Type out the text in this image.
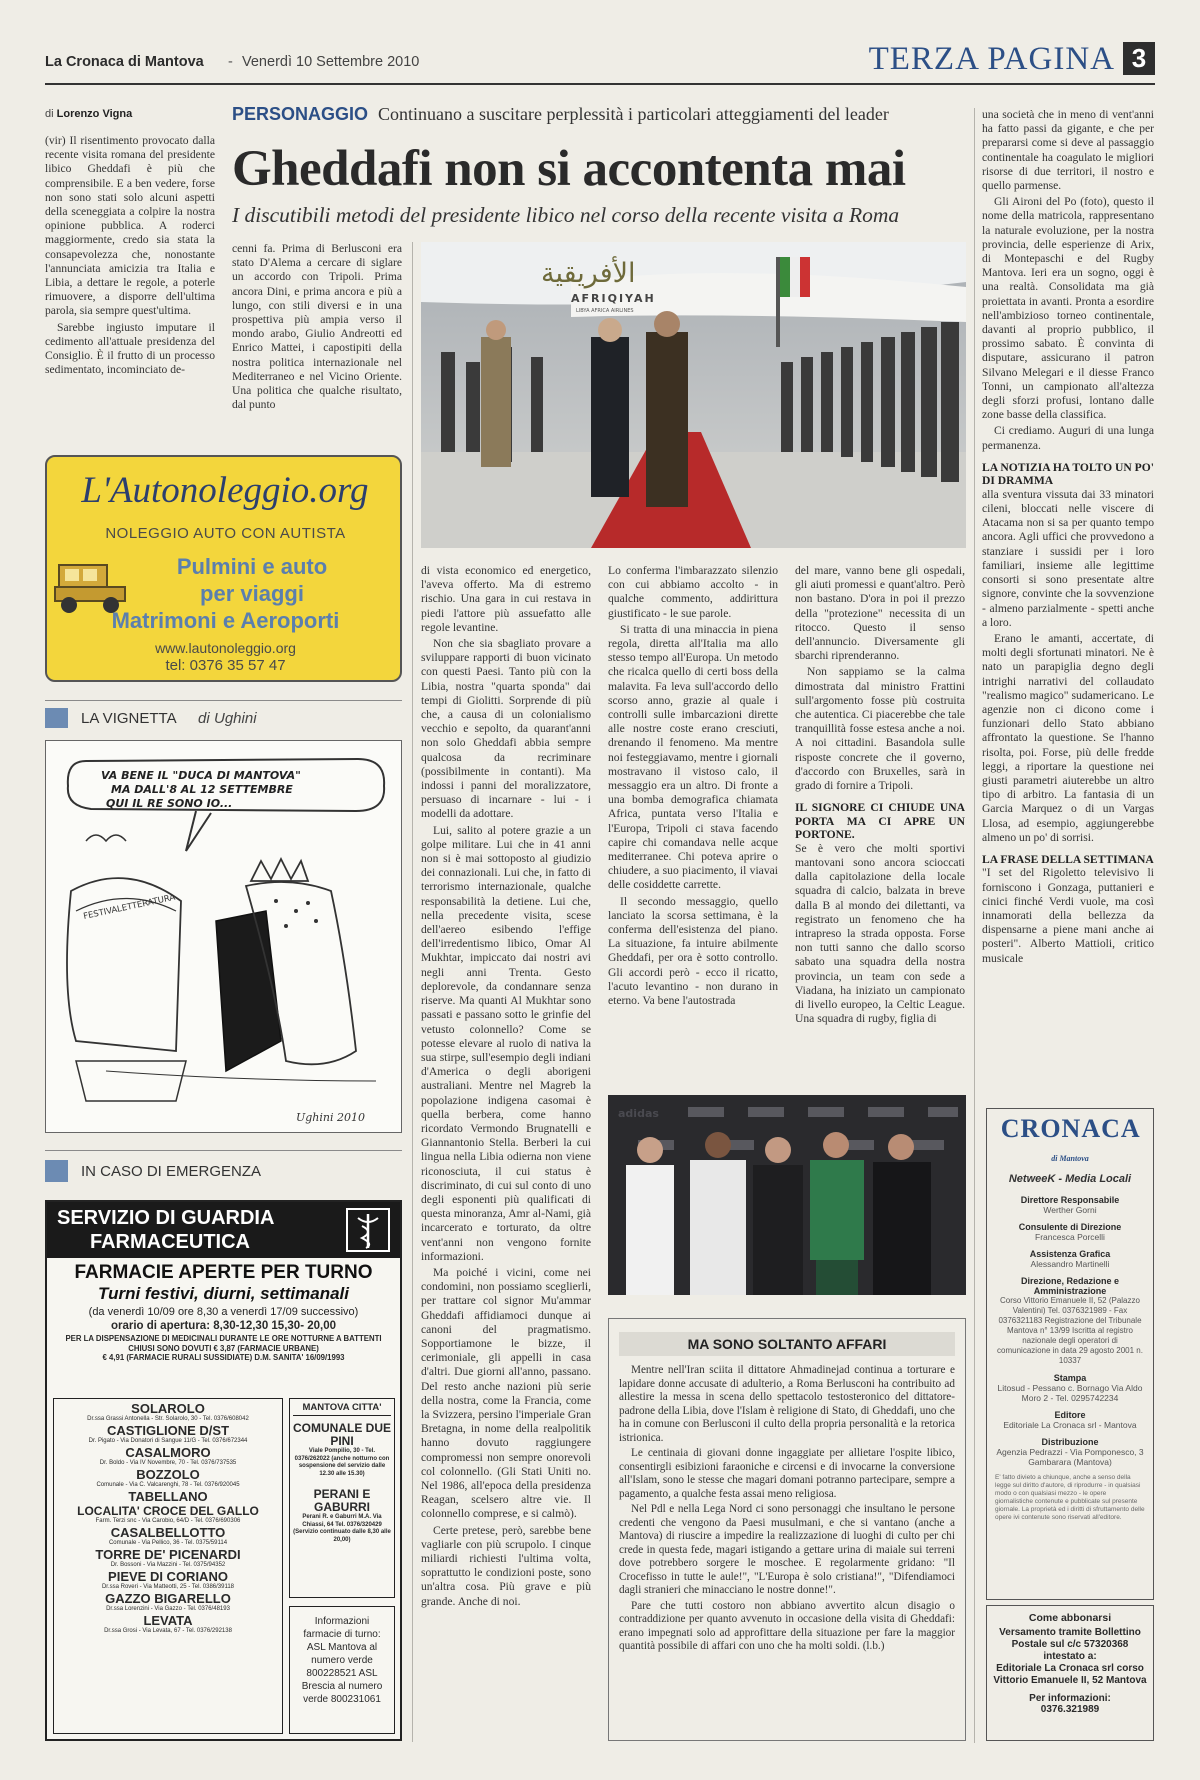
La Cronaca di Mantova - Venerdì 10 Settembre 2010	TERZA PAGINA 3
di Lorenzo Vigna	PERSONAGGIO Continuano a suscitare perplessità i particolari atteggiamenti del leader
Gheddafi non si accontenta mai
I discutibili metodi del presidente libico nel corso della recente visita a Roma

(vir) Il risentimento provocato dalla recente visita romana del presidente libico Gheddafi è più che comprensibile. E a ben vedere, forse non sono stati solo alcuni aspetti della sceneggiata a colpire la nostra opinione pubblica. A roderci maggiormente, credo sia stata la consapevolezza che, nonostante l'annunciata amicizia tra Italia e Libia, a dettare le regole, a poterle rimuovere, a disporre dell'ultima parola, sia sempre quest'ultima.

Sarebbe ingiusto imputare il cedimento all'attuale presidenza del Consiglio. È il frutto di un processo sedimentato, incominciato de-

cenni fa. Prima di Berlusconi era stato D'Alema a cercare di siglare un accordo con Tripoli. Prima ancora Dini, e prima ancora e più a lungo, con stili diversi e in una prospettiva più ampia verso il mondo arabo, Giulio Andreotti ed Enrico Mattei, i capostipiti della nostra politica internazionale nel Mediterraneo e nel Vicino Oriente. Una politica che qualche risultato, dal punto

الأفريقية
AFRIQIYAH
LIBYA AFRICA AIRLINES

di vista economico ed energetico, l'aveva offerto. Ma di estremo rischio. Una gara in cui restava in piedi l'attore più assuefatto alle regole levantine.

Non che sia sbagliato provare a sviluppare rapporti di buon vicinato con questi Paesi. Tanto più con la Libia, nostra "quarta sponda" dai tempi di Giolitti. Sorprende di più che, a causa di un colonialismo vecchio e sepolto, da quarant'anni non solo Gheddafi abbia sempre qualcosa da recriminare (possibilmente in contanti). Ma indossi i panni del moralizzatore, persuaso di incarnare - lui - i modelli da adottare.

Lui, salito al potere grazie a un golpe militare. Lui che in 41 anni non si è mai sottoposto al giudizio dei connazionali. Lui che, in fatto di terrorismo internazionale, qualche responsabilità la detiene. Lui che, nella precedente visita, scese dell'aereo esibendo l'effige dell'irredentismo libico, Omar Al Mukhtar, impiccato dai nostri avi negli anni Trenta. Gesto deplorevole, da condannare senza riserve. Ma quanti Al Mukhtar sono passati e passano sotto le grinfie del vetusto colonnello? Come se potesse elevare al ruolo di nativa la sua stirpe, sull'esempio degli indiani d'America o degli aborigeni australiani. Mentre nel Magreb la popolazione indigena casomai è quella berbera, come hanno ricordato Vermondo Brugnatelli e Giannantonio Stella. Berberi la cui lingua nella Libia odierna non viene riconosciuta, il cui status è discriminato, di cui sul conto di uno degli esponenti più qualificati di questa minoranza, Amr al-Nami, già incarcerato e torturato, da oltre vent'anni non vengono fornite informazioni.

Ma poiché i vicini, come nei condomini, non possiamo sceglierli, per trattare col signor Mu'ammar Gheddafi affidiamoci dunque ai canoni del pragmatismo. Sopportiamone le bizze, il cerimoniale, gli appelli in casa d'altri. Due giorni all'anno, passano. Del resto anche nazioni più serie della nostra, come la Francia, come la Svizzera, persino l'imperiale Gran Bretagna, in nome della realpolitik hanno dovuto raggiungere compromessi non sempre onorevoli col colonnello. (Gli Stati Uniti no. Nel 1986, all'epoca della presidenza Reagan, scelsero altre vie. Il colonnello comprese, e si calmò).

Certe pretese, però, sarebbe bene vagliarle con più scrupolo. I cinque miliardi richiesti l'ultima volta, soprattutto le condizioni poste, sono un'altra cosa. Più grave e più grande. Anche di noi.

Lo conferma l'imbarazzato silenzio con cui abbiamo accolto - in qualche commento, addirittura giustificato - le sue parole.

Si tratta di una minaccia in piena regola, diretta all'Italia ma allo stesso tempo all'Europa. Un metodo che ricalca quello di certi boss della malavita. Fa leva sull'accordo dello scorso anno, grazie al quale i controlli sulle imbarcazioni dirette alle nostre coste erano cresciuti, drenando il fenomeno. Ma mentre noi festeggiavamo, mentre i giornali mostravano il vistoso calo, il messaggio era un altro. Di fronte a una bomba demografica chiamata Africa, puntata verso l'Italia e l'Europa, Tripoli ci stava facendo capire chi comandava nelle acque mediterranee. Chi poteva aprire o chiudere, a suo piacimento, il viavai delle cosiddette carrette.

Il secondo messaggio, quello lanciato la scorsa settimana, è la conferma dell'esistenza del piano. La situazione, fa intuire abilmente Gheddafi, per ora è sotto controllo. Gli accordi però - ecco il ricatto, l'acuto levantino - non durano in eterno. Va bene l'autostrada

del mare, vanno bene gli ospedali, gli aiuti promessi e quant'altro. Però non bastano. D'ora in poi il prezzo della "protezione" necessita di un ritocco. Questo il senso dell'annuncio. Diversamente gli sbarchi riprenderanno.

Non sappiamo se la calma dimostrata dal ministro Frattini sull'argomento fosse più costruita che autentica. Ci piacerebbe che tale tranquillità fosse estesa anche a noi. A noi cittadini. Basandola sulle risposte concrete che il governo, d'accordo con Bruxelles, sarà in grado di fornire a Tripoli.

IL SIGNORE CI CHIUDE UNA PORTA MA CI APRE UN PORTONE.

Se è vero che molti sportivi mantovani sono ancora scioccati dalla capitolazione della locale squadra di calcio, balzata in breve dalla B al mondo dei dilettanti, va registrato un fenomeno che ha intrapreso la strada opposta. Forse non tutti sanno che dallo scorso sabato una squadra della nostra provincia, un team con sede a Viadana, ha iniziato un campionato di livello europeo, la Celtic League. Una squadra di rugby, figlia di

adidas
MA SONO SOLTANTO AFFARI

Mentre nell'Iran sciita il dittatore Ahmadinejad continua a torturare e lapidare donne accusate di adulterio, a Roma Berlusconi ha contribuito ad allestire la messa in scena dello spettacolo testosteronico del dittatore-padrone della Libia, dove l'Islam è religione di Stato, di Gheddafi, uno che ha in comune con Berlusconi il culto della propria personalità e la retorica istrionica.

Le centinaia di giovani donne ingaggiate per allietare l'ospite libico, consentirgli esibizioni faraoniche e circensi e di invocarne la conversione all'Islam, sono le stesse che magari domani potranno partecipare, sempre a pagamento, a qualche festa assai meno religiosa.

Nel Pdl e nella Lega Nord ci sono personaggi che insultano le persone credenti che vengono da Paesi musulmani, e che si vantano (anche a Mantova) di riuscire a impedire la realizzazione di luoghi di culto per chi crede in questa fede, magari istigando a gettare urina di maiale sui terreni dove potrebbero sorgere le moschee. E regolarmente gridano: "Il Crocefisso in tutte le aule!", "L'Europa è solo cristiana!", "Difendiamoci dagli stranieri che minacciano le nostre donne!".

Pare che tutti costoro non abbiano avvertito alcun disagio o contraddizione per quanto avvenuto in occasione della visita di Gheddafi: erano impegnati solo ad approfittare della situazione per fare la maggior quantità possibile di affari con uno che ha molti soldi. (l.b.)

una società che in meno di vent'anni ha fatto passi da gigante, e che per prepararsi come si deve al passaggio continentale ha coagulato le migliori risorse di due territori, il nostro e quello parmense.

Gli Aironi del Po (foto), questo il nome della matricola, rappresentano la naturale evoluzione, per la nostra provincia, delle esperienze di Arix, di Montepaschi e del Rugby Mantova. Ieri era un sogno, oggi è una realtà. Consolidata ma già proiettata in avanti. Pronta a esordire nell'ambizioso torneo continentale, davanti al proprio pubblico, il prossimo sabato. È convinta di disputare, assicurano il patron Silvano Melegari e il diesse Franco Tonni, un campionato all'altezza degli sforzi profusi, lontano dalle zone basse della classifica.

Ci crediamo. Auguri di una lunga permanenza.

LA NOTIZIA HA TOLTO UN PO' DI DRAMMA

alla sventura vissuta dai 33 minatori cileni, bloccati nelle viscere di Atacama non si sa per quanto tempo ancora. Agli uffici che provvedono a stanziare i sussidi per i loro familiari, insieme alle legittime consorti si sono presentate altre signore, convinte che la sovvenzione - almeno parzialmente - spetti anche a loro.

Erano le amanti, accertate, di molti degli sfortunati minatori. Ne è nato un parapiglia degno degli intrighi narrativi del collaudato "realismo magico" sudamericano. Le agenzie non ci dicono come i funzionari dello Stato abbiano affrontato la questione. Se l'hanno risolta, poi. Forse, più delle fredde leggi, a riportare la questione nei giusti parametri aiuterebbe un altro tipo di arbitro. La fantasia di un Garcia Marquez o di un Vargas Llosa, ad esempio, aggiungerebbe almeno un po' di sorrisi.

LA FRASE DELLA SETTIMANA

"I set del Rigoletto televisivo li forniscono i Gonzaga, puttanieri e cinici finché Verdi vuole, ma così innamorati della bellezza da dispensarne a piene mani anche ai posteri". Alberto Mattioli, critico musicale

CRONACA di Mantova
NetweeK - Media Locali
Direttore Responsabile
Werther Gorni
Consulente di Direzione
Francesca Porcelli
Assistenza Grafica
Alessandro Martinelli
Direzione, Redazione e Amministrazione
Corso Vittorio Emanuele II, 52 (Palazzo Valentini) Tel. 0376321989 - Fax 0376321183 Registrazione del Tribunale Mantova n° 13/99 Iscritta al registro nazionale degli operatori di comunicazione in data 29 agosto 2001 n. 10337
Stampa
Litosud - Pessano c. Bornago Via Aldo Moro 2 - Tel. 0295742234
Editore
Editoriale La Cronaca srl - Mantova
Distribuzione
Agenzia Pedrazzi - Via Pomponesco, 3 Gambarara (Mantova)
E' fatto divieto a chiunque, anche a senso della legge sul diritto d'autore, di riprodurre - in qualsiasi modo o con qualsiasi mezzo - le opere giornalistiche contenute e pubblicate sul presente giornale. La proprietà ed i diritti di sfruttamento delle opere ivi contenute sono riservati all'editore.
Come abbonarsi
Versamento tramite Bollettino Postale sul c/c 57320368
intestato a:
Editoriale La Cronaca srl corso Vittorio Emanuele II, 52 Mantova
Per informazioni:
0376.321989
L'Autonoleggio.org
NOLEGGIO AUTO CON AUTISTA
Pulmini e auto
per viaggi
Matrimoni e Aeroporti
www.lautonoleggio.org
tel: 0376 35 57 47
LA VIGNETTA di Ughini
VA BENE IL "DUCA DI MANTOVA"
MA DALL'8 AL 12 SETTEMBRE
QUI IL RE SONO IO...
FESTIVALETTERATURA
Ughini 2010
IN CASO DI EMERGENZA
SERVIZIO DI GUARDIA
FARMACEUTICA
FARMACIE APERTE PER TURNO
Turni festivi, diurni, settimanali
(da venerdì 10/09 ore 8,30 a venerdì 17/09 successivo)
orario di apertura: 8,30-12,30 15,30- 20,00
PER LA DISPENSAZIONE DI MEDICINALI DURANTE LE ORE NOTTURNE A BATTENTI CHIUSI SONO DOVUTI € 3,87 (FARMACIE URBANE)
€ 4,91 (FARMACIE RURALI SUSSIDIATE) D.M. SANITA' 16/09/1993
SOLAROLO
Dr.ssa Grassi Antonella - Str. Solarolo, 30 - Tel. 0376/608042
CASTIGLIONE D/ST
Dr. Pigato - Via Donatori di Sangue 11/G - Tel. 0376/672344
CASALMORO
Dr. Boldo - Via IV Novembre, 70 - Tel. 0376/737535
BOZZOLO
Comunale - Via C. Valcarenghi, 78 - Tel. 0376/920045
TABELLANO
LOCALITA' CROCE DEL GALLO
Farm. Terzi snc - Via Carobio, 64/D - Tel. 0376/690306
CASALBELLOTTO
Comunale - Via Pellico, 36 - Tel. 0375/59114
TORRE DE' PICENARDI
Dr. Bossoni - Via Mazzini - Tel. 0375/94352
PIEVE DI CORIANO
Dr.ssa Roveri - Via Matteotti, 25 - Tel. 0386/39118
GAZZO BIGARELLO
Dr.ssa Lorenzini - Via Gazzo - Tel. 0376/48193
LEVATA
Dr.ssa Grosi - Via Levata, 67 - Tel. 0376/292138
MANTOVA CITTA'
COMUNALE DUE PINI
Viale Pompilio, 30 - Tel. 0376/262022 (anche notturno con sospensione del servizio dalle 12.30 alle 15.30)
PERANI E GABURRI
Perani R. e Gaburri M.A. Via Chiassi, 64 Tel. 0376/320429 (Servizio continuato dalle 8,30 alle 20,00)
Informazioni farmacie di turno: ASL Mantova al numero verde 800228521 ASL Brescia al numero verde 800231061
